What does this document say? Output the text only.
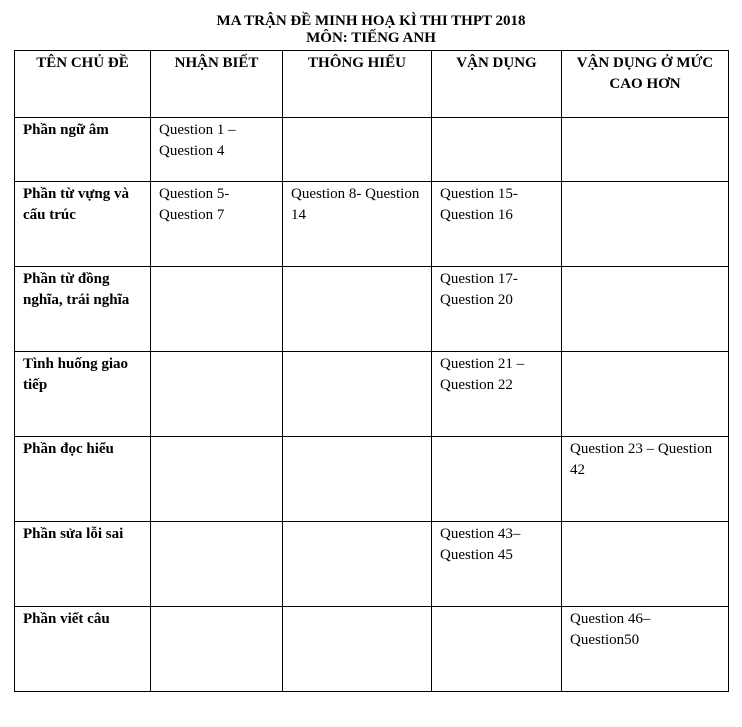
MA TRẬN ĐỀ MINH HOẠ KÌ THI THPT 2018
MÔN: TIẾNG ANH
TÊN CHỦ ĐỀ	NHẬN BIẾT	THÔNG HIỂU	VẬN DỤNG	VẬN DỤNG Ở MỨC CAO HƠN

Phần ngữ âm	Question 1 – Question 4			

Phần từ vựng và cấu trúc	Question 5- Question 7	Question 8- Question 14	Question 15- Question 16	

Phần từ đồng nghĩa, trái nghĩa			Question 17- Question 20	

Tình huống giao tiếp			Question 21 – Question 22	

Phần đọc hiểu				Question 23 – Question 42

Phần sửa lỗi sai			Question 43– Question 45	

Phần viết câu				Question 46– Question50
